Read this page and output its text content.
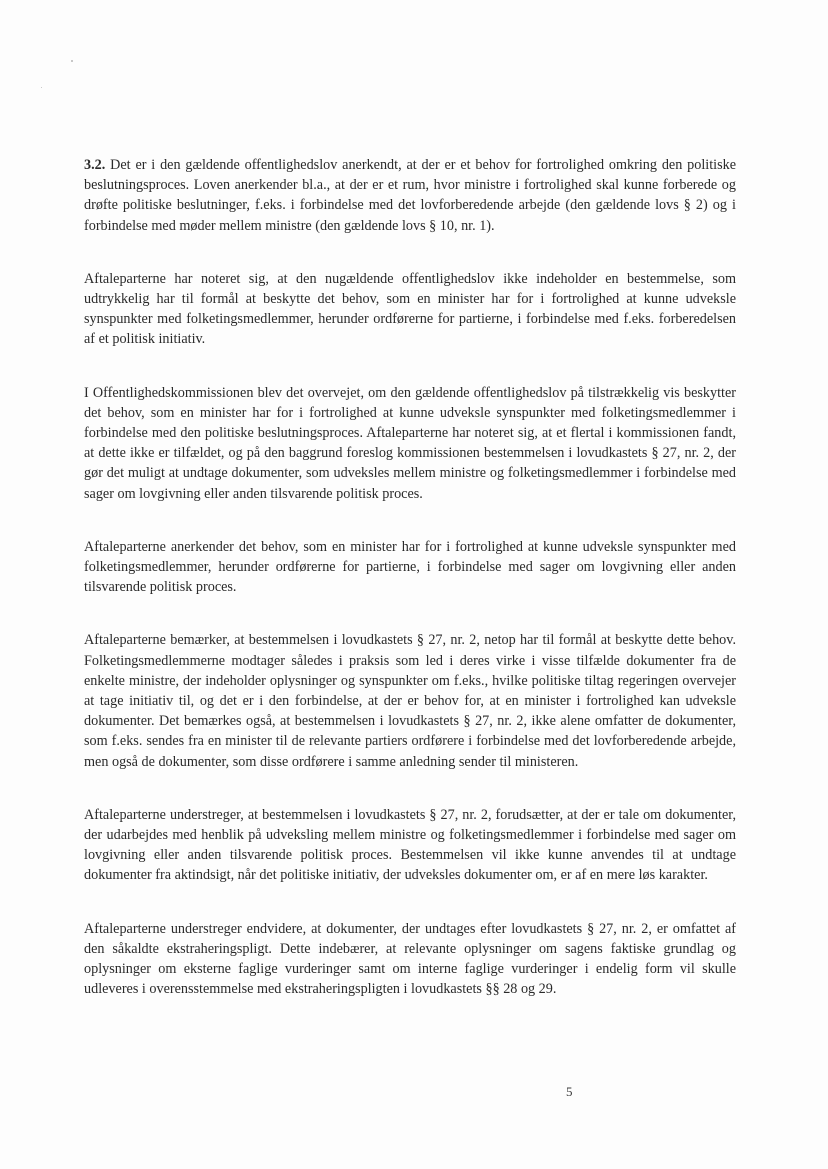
3.2. Det er i den gældende offentlighedslov anerkendt, at der er et behov for fortrolighed omkring den politiske beslutningsproces. Loven anerkender bl.a., at der er et rum, hvor ministre i fortrolighed skal kunne forberede og drøfte politiske beslutninger, f.eks. i forbindelse med det lovforberedende arbejde (den gældende lovs § 2) og i forbindelse med møder mellem ministre (den gældende lovs § 10, nr. 1).

Aftaleparterne har noteret sig, at den nugældende offentlighedslov ikke indeholder en bestemmelse, som udtrykkelig har til formål at beskytte det behov, som en minister har for i fortrolighed at kunne udveksle synspunkter med folketingsmedlemmer, herunder ordførerne for partierne, i forbindelse med f.eks. forberedelsen af et politisk initiativ.

I Offentlighedskommissionen blev det overvejet, om den gældende offentlighedslov på tilstrækkelig vis beskytter det behov, som en minister har for i fortrolighed at kunne udveksle synspunkter med folketingsmedlemmer i forbindelse med den politiske beslutningsproces. Aftaleparterne har noteret sig, at et flertal i kommissionen fandt, at dette ikke er tilfældet, og på den baggrund foreslog kommissionen bestemmelsen i lovudkastets § 27, nr. 2, der gør det muligt at undtage dokumenter, som udveksles mellem ministre og folketingsmedlemmer i forbindelse med sager om lovgivning eller anden tilsvarende politisk proces.

Aftaleparterne anerkender det behov, som en minister har for i fortrolighed at kunne udveksle synspunkter med folketingsmedlemmer, herunder ordførerne for partierne, i forbindelse med sager om lovgivning eller anden tilsvarende politisk proces.

Aftaleparterne bemærker, at bestemmelsen i lovudkastets § 27, nr. 2, netop har til formål at beskytte dette behov. Folketingsmedlemmerne modtager således i praksis som led i deres virke i visse tilfælde dokumenter fra de enkelte ministre, der indeholder oplysninger og synspunkter om f.eks., hvilke politiske tiltag regeringen overvejer at tage initiativ til, og det er i den forbindelse, at der er behov for, at en minister i fortrolighed kan udveksle dokumenter. Det bemærkes også, at bestemmelsen i lovudkastets § 27, nr. 2, ikke alene omfatter de dokumenter, som f.eks. sendes fra en minister til de relevante partiers ordførere i forbindelse med det lovforberedende arbejde, men også de dokumenter, som disse ordførere i samme anledning sender til ministeren.

Aftaleparterne understreger, at bestemmelsen i lovudkastets § 27, nr. 2, forudsætter, at der er tale om dokumenter, der udarbejdes med henblik på udveksling mellem ministre og folketingsmedlemmer i forbindelse med sager om lovgivning eller anden tilsvarende politisk proces. Bestemmelsen vil ikke kunne anvendes til at undtage dokumenter fra aktindsigt, når det politiske initiativ, der udveksles dokumenter om, er af en mere løs karakter.

Aftaleparterne understreger endvidere, at dokumenter, der undtages efter lovudkastets § 27, nr. 2, er omfattet af den såkaldte ekstraheringspligt. Dette indebærer, at relevante oplysninger om sagens faktiske grundlag og oplysninger om eksterne faglige vurderinger samt om interne faglige vurderinger i endelig form vil skulle udleveres i overensstemmelse med ekstraheringspligten i lovudkastets §§ 28 og 29.

5
